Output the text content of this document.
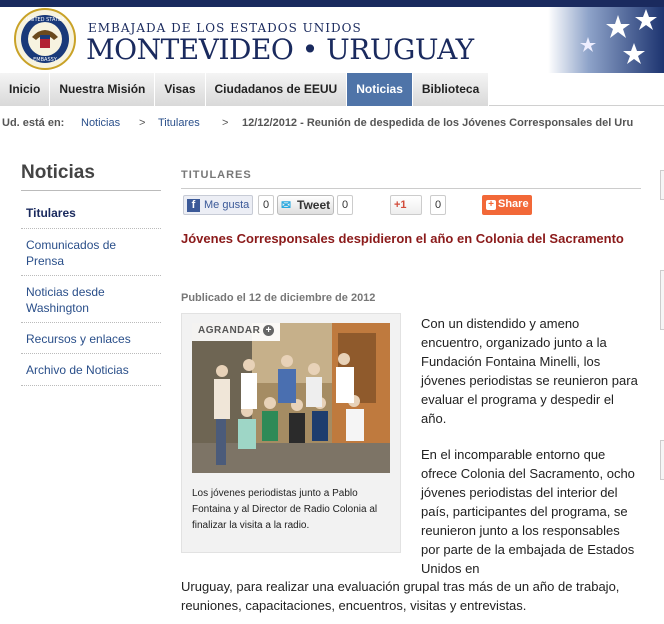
UNITED STATES
EMBASSY
EMBAJADA DE LOS ESTADOS UNIDOS
MONTEVIDEO • URUGUAY
Inicio	Nuestra Misión	Visas	Ciudadanos de EEUU	Noticias	Biblioteca
Ud. está en: Noticias > Titulares > 12/12/2012 - Reunión de despedida de los Jóvenes Corresponsales del Uru
Noticias
Titulares
Comunicados de Prensa
Noticias desde Washington
Recursos y enlaces
Archivo de Noticias
TITULARES
f Me gusta	0 ✉ Tweet	0	+1	0	+ Share
Jóvenes Corresponsales despidieron el año en Colonia del Sacramento
Publicado el 12 de diciembre de 2012
AGRANDAR +
Los jóvenes periodistas junto a Pablo Fontaina y al Director de Radio Colonia al finalizar la visita a la radio.
Con un distendido y ameno encuentro, organizado junto a la Fundación Fontaina Minelli, los jóvenes periodistas se reunieron para evaluar el programa y despedir el año.
En el incomparable entorno que ofrece Colonia del Sacramento, ocho jóvenes periodistas del interior del país, participantes del programa, se reunieron junto a los responsables por parte de la embajada de Estados Unidos en
Uruguay, para realizar una evaluación grupal tras más de un año de trabajo, reuniones, capacitaciones, encuentros, visitas y entrevistas.
